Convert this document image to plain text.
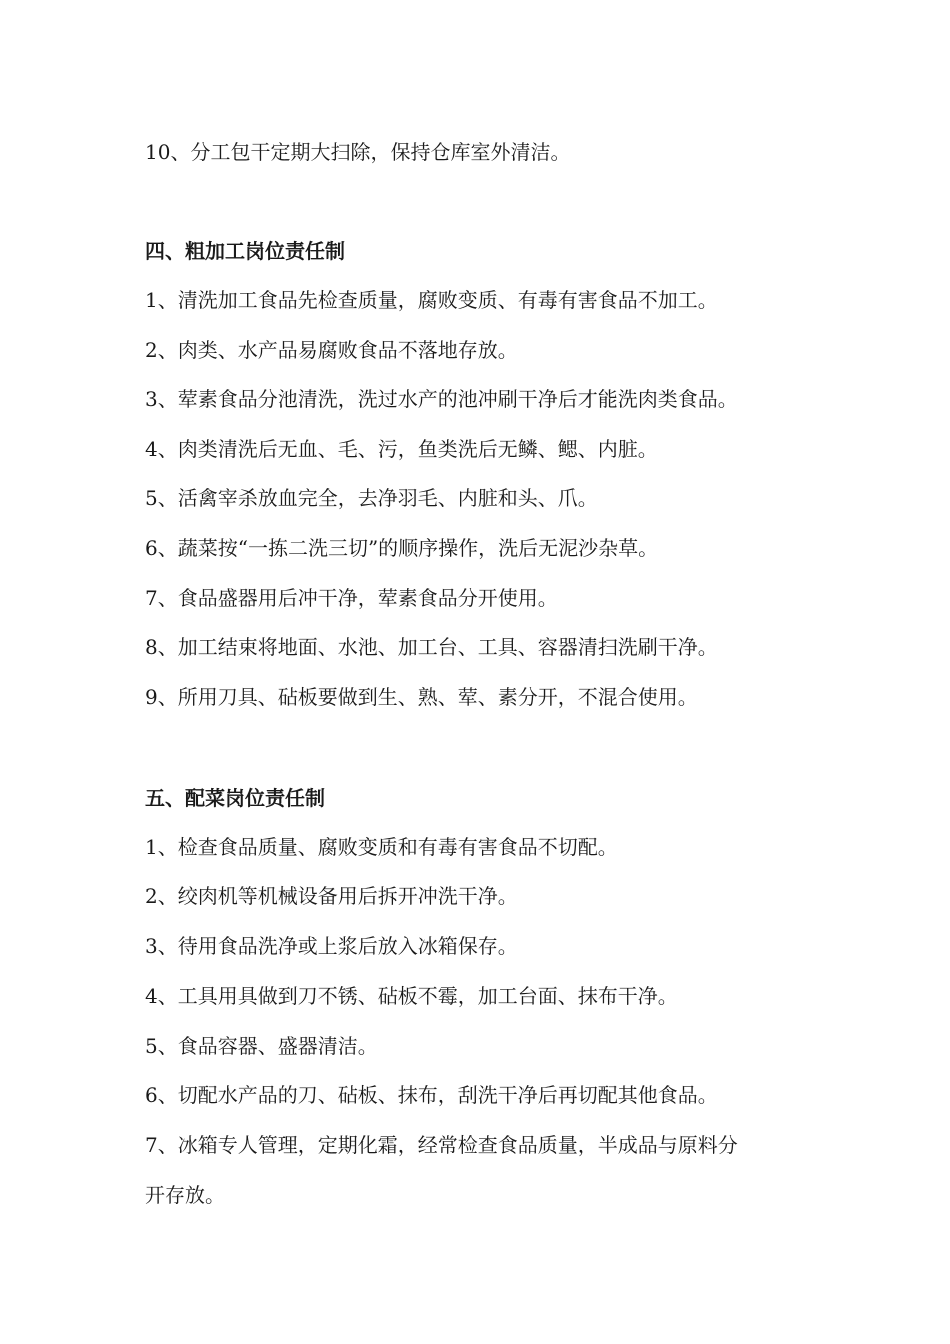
10、分工包干定期大扫除，保持仓库室外清洁。
四、粗加工岗位责任制
1、清洗加工食品先检查质量，腐败变质、有毒有害食品不加工。
2、肉类、水产品易腐败食品不落地存放。
3、荤素食品分池清洗，洗过水产的池冲刷干净后才能洗肉类食品。
4、肉类清洗后无血、毛、污，鱼类洗后无鳞、鳃、内脏。
5、活禽宰杀放血完全，去净羽毛、内脏和头、爪。
6、蔬菜按“一拣二洗三切”的顺序操作，洗后无泥沙杂草。
7、食品盛器用后冲干净，荤素食品分开使用。
8、加工结束将地面、水池、加工台、工具、容器清扫洗刷干净。
9、所用刀具、砧板要做到生、熟、荤、素分开，不混合使用。
五、配菜岗位责任制
1、检查食品质量、腐败变质和有毒有害食品不切配。
2、绞肉机等机械设备用后拆开冲洗干净。
3、待用食品洗净或上浆后放入冰箱保存。
4、工具用具做到刀不锈、砧板不霉，加工台面、抹布干净。
5、食品容器、盛器清洁。
6、切配水产品的刀、砧板、抹布，刮洗干净后再切配其他食品。
7、冰箱专人管理，定期化霜，经常检查食品质量，半成品与原料分
开存放。
